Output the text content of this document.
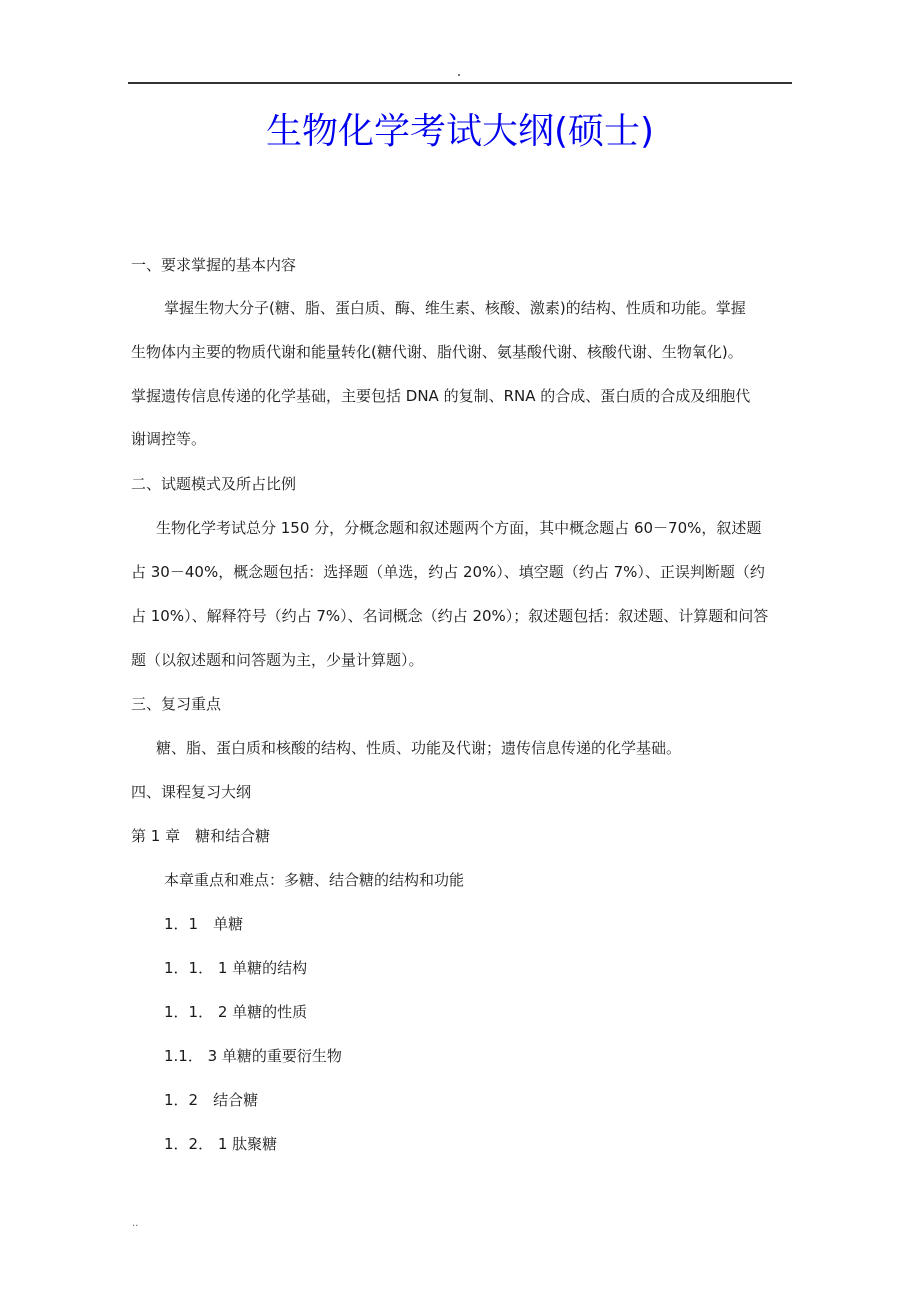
生物化学考试大纲(硕士)
一、要求掌握的基本内容
掌握生物大分子(糖、脂、蛋白质、酶、维生素、核酸、激素)的结构、性质和功能。掌握
生物体内主要的物质代谢和能量转化(糖代谢、脂代谢、氨基酸代谢、核酸代谢、生物氧化)。
掌握遗传信息传递的化学基础，主要包括 DNA 的复制、RNA 的合成、蛋白质的合成及细胞代
谢调控等。
二、试题模式及所占比例
生物化学考试总分 150 分，分概念题和叙述题两个方面，其中概念题占 60－70%，叙述题
占 30－40%，概念题包括：选择题（单选，约占 20%）、填空题（约占 7%）、正误判断题（约
占 10%）、解释符号（约占 7%）、名词概念（约占 20%）；叙述题包括：叙述题、计算题和问答
题（以叙述题和问答题为主，少量计算题）。
三、复习重点
糖、脂、蛋白质和核酸的结构、性质、功能及代谢；遗传信息传递的化学基础。
四、课程复习大纲
第 1 章　糖和结合糖
本章重点和难点：多糖、结合糖的结构和功能
1．1　单糖
1．1． 1 单糖的结构
1．1． 2 单糖的性质
1.1． 3 单糖的重要衍生物
1．2　结合糖
1．2． 1 肽聚糖
..
